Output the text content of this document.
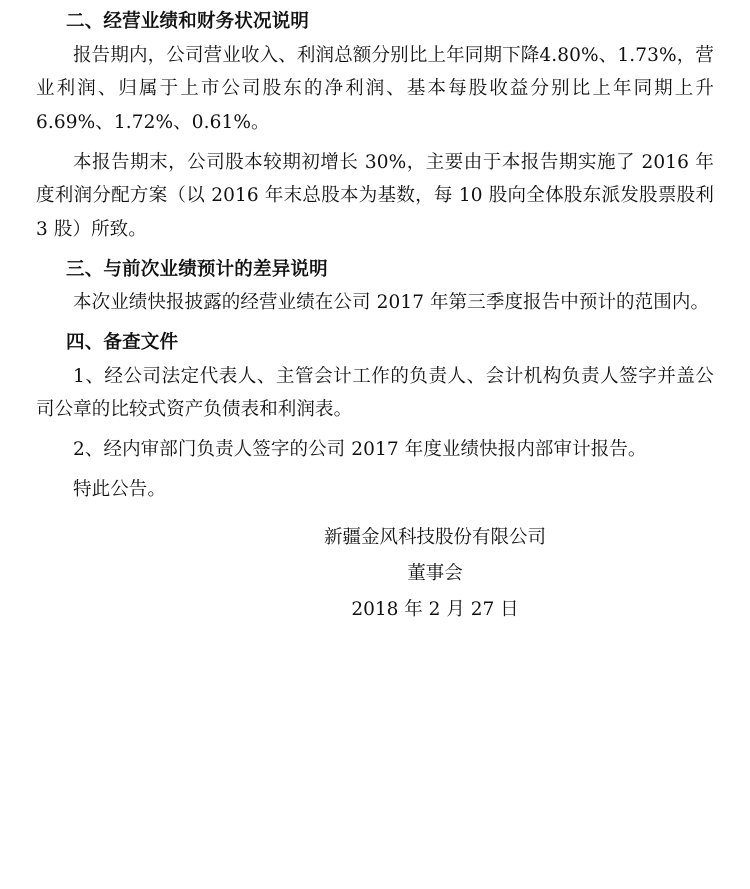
二、经营业绩和财务状况说明

报告期内，公司营业收入、利润总额分别比上年同期下降4.80%、1.73%，营业利润、归属于上市公司股东的净利润、基本每股收益分别比上年同期上升6.69%、1.72%、0.61%。

本报告期末，公司股本较期初增长 30%，主要由于本报告期实施了 2016 年度利润分配方案（以 2016 年末总股本为基数，每 10 股向全体股东派发股票股利 3 股）所致。

三、与前次业绩预计的差异说明

本次业绩快报披露的经营业绩在公司 2017 年第三季度报告中预计的范围内。

四、备查文件

1、经公司法定代表人、主管会计工作的负责人、会计机构负责人签字并盖公司公章的比较式资产负债表和利润表。

2、经内审部门负责人签字的公司 2017 年度业绩快报内部审计报告。

特此公告。

新疆金风科技股份有限公司
董事会
2018 年 2 月 27 日
